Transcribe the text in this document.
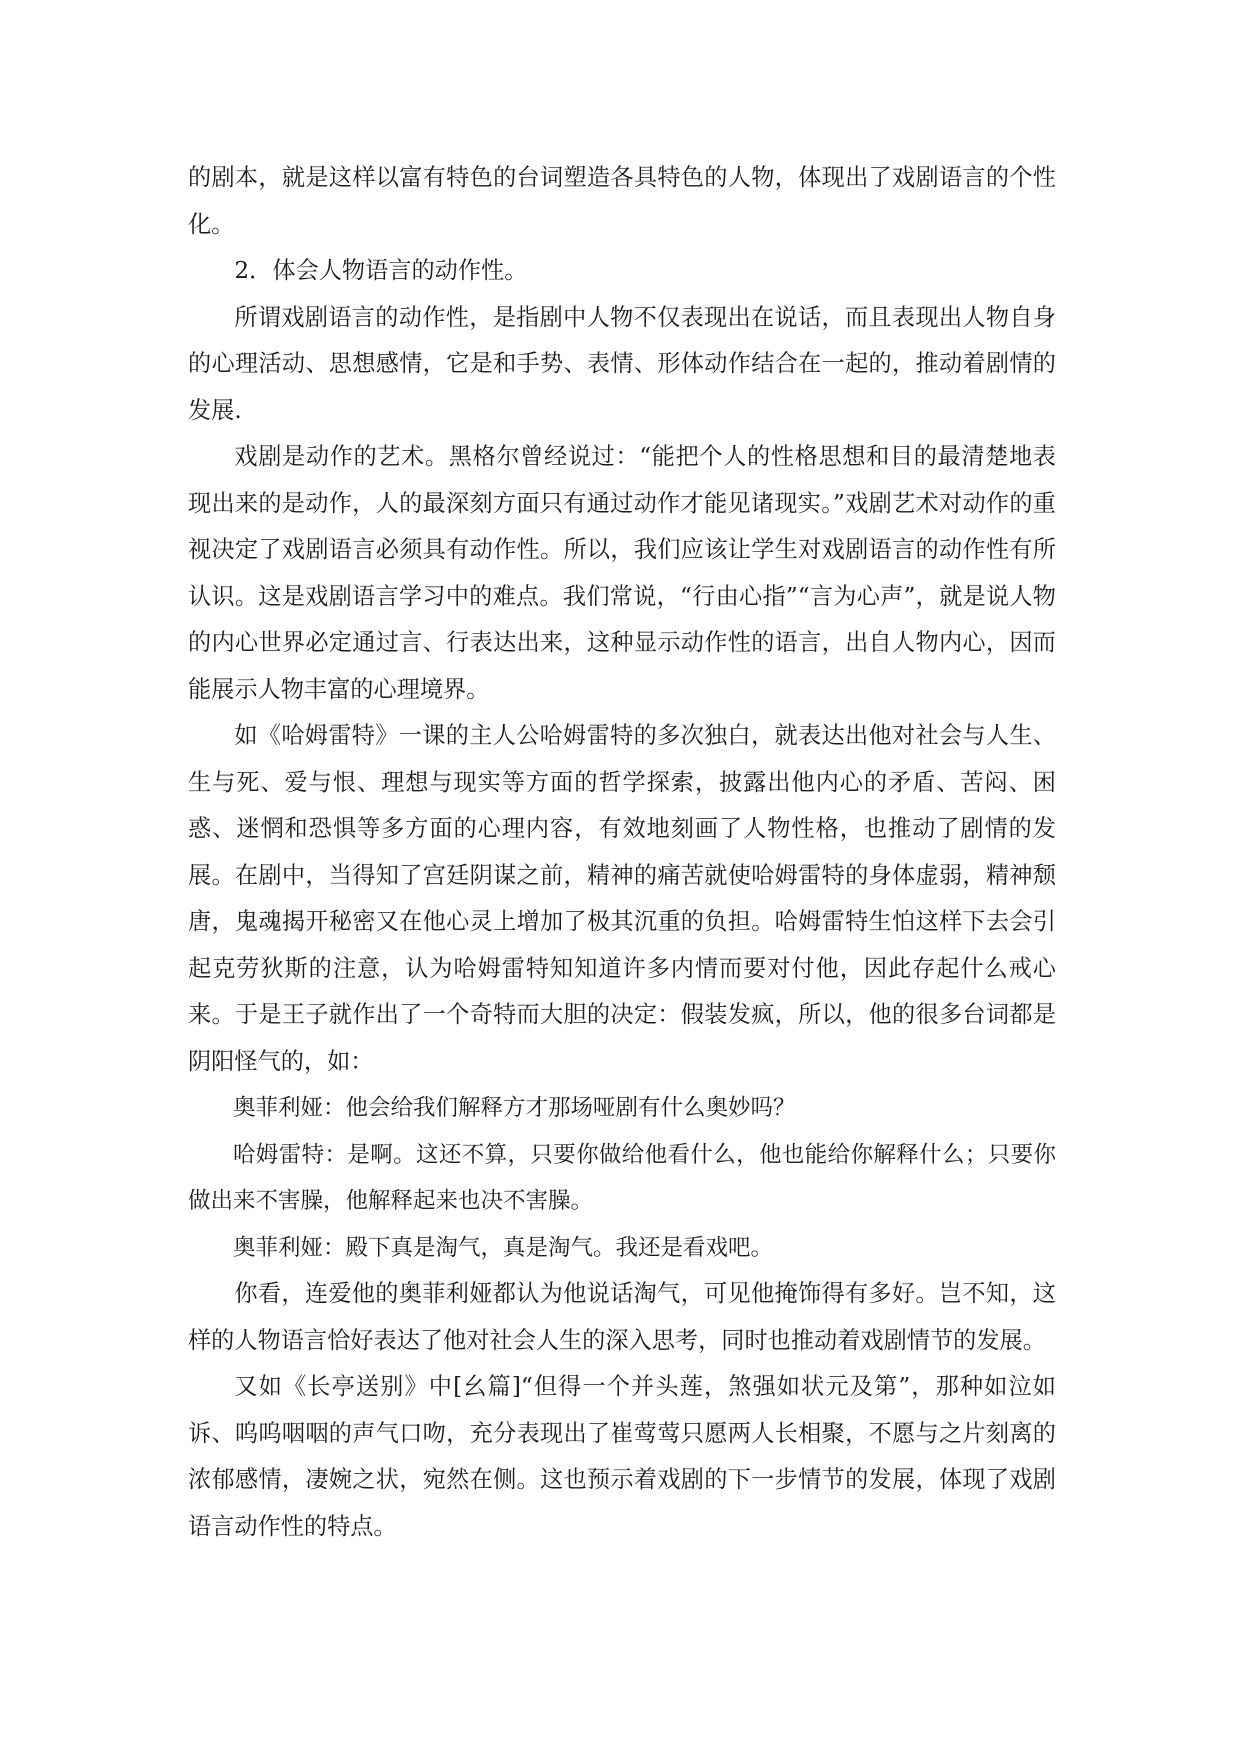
的剧本，就是这样以富有特色的台词塑造各具特色的人物，体现出了戏剧语言的个性化。

2．体会人物语言的动作性。

所谓戏剧语言的动作性，是指剧中人物不仅表现出在说话，而且表现出人物自身的心理活动、思想感情，它是和手势、表情、形体动作结合在一起的，推动着剧情的发展.

戏剧是动作的艺术。黑格尔曾经说过：“能把个人的性格思想和目的最清楚地表现出来的是动作，人的最深刻方面只有通过动作才能见诸现实。”戏剧艺术对动作的重视决定了戏剧语言必须具有动作性。所以，我们应该让学生对戏剧语言的动作性有所认识。这是戏剧语言学习中的难点。我们常说，“行由心指”“言为心声”，就是说人物的内心世界必定通过言、行表达出来，这种显示动作性的语言，出自人物内心，因而能展示人物丰富的心理境界。

如《哈姆雷特》一课的主人公哈姆雷特的多次独白，就表达出他对社会与人生、生与死、爱与恨、理想与现实等方面的哲学探索，披露出他内心的矛盾、苦闷、困惑、迷惘和恐惧等多方面的心理内容，有效地刻画了人物性格，也推动了剧情的发展。在剧中，当得知了宫廷阴谋之前，精神的痛苦就使哈姆雷特的身体虚弱，精神颓唐，鬼魂揭开秘密又在他心灵上增加了极其沉重的负担。哈姆雷特生怕这样下去会引起克劳狄斯的注意，认为哈姆雷特知知道许多内情而要对付他，因此存起什么戒心来。于是王子就作出了一个奇特而大胆的决定：假装发疯，所以，他的很多台词都是阴阳怪气的，如：

奥菲利娅：他会给我们解释方才那场哑剧有什么奥妙吗？

哈姆雷特：是啊。这还不算，只要你做给他看什么，他也能给你解释什么；只要你做出来不害臊，他解释起来也决不害臊。

奥菲利娅：殿下真是淘气，真是淘气。我还是看戏吧。

你看，连爱他的奥菲利娅都认为他说话淘气，可见他掩饰得有多好。岂不知，这样的人物语言恰好表达了他对社会人生的深入思考，同时也推动着戏剧情节的发展。

又如《长亭送别》中[幺篇]“但得一个并头莲，煞强如状元及第”，那种如泣如诉、呜呜咽咽的声气口吻，充分表现出了崔莺莺只愿两人长相聚，不愿与之片刻离的浓郁感情，凄婉之状，宛然在侧。这也预示着戏剧的下一步情节的发展，体现了戏剧语言动作性的特点。
